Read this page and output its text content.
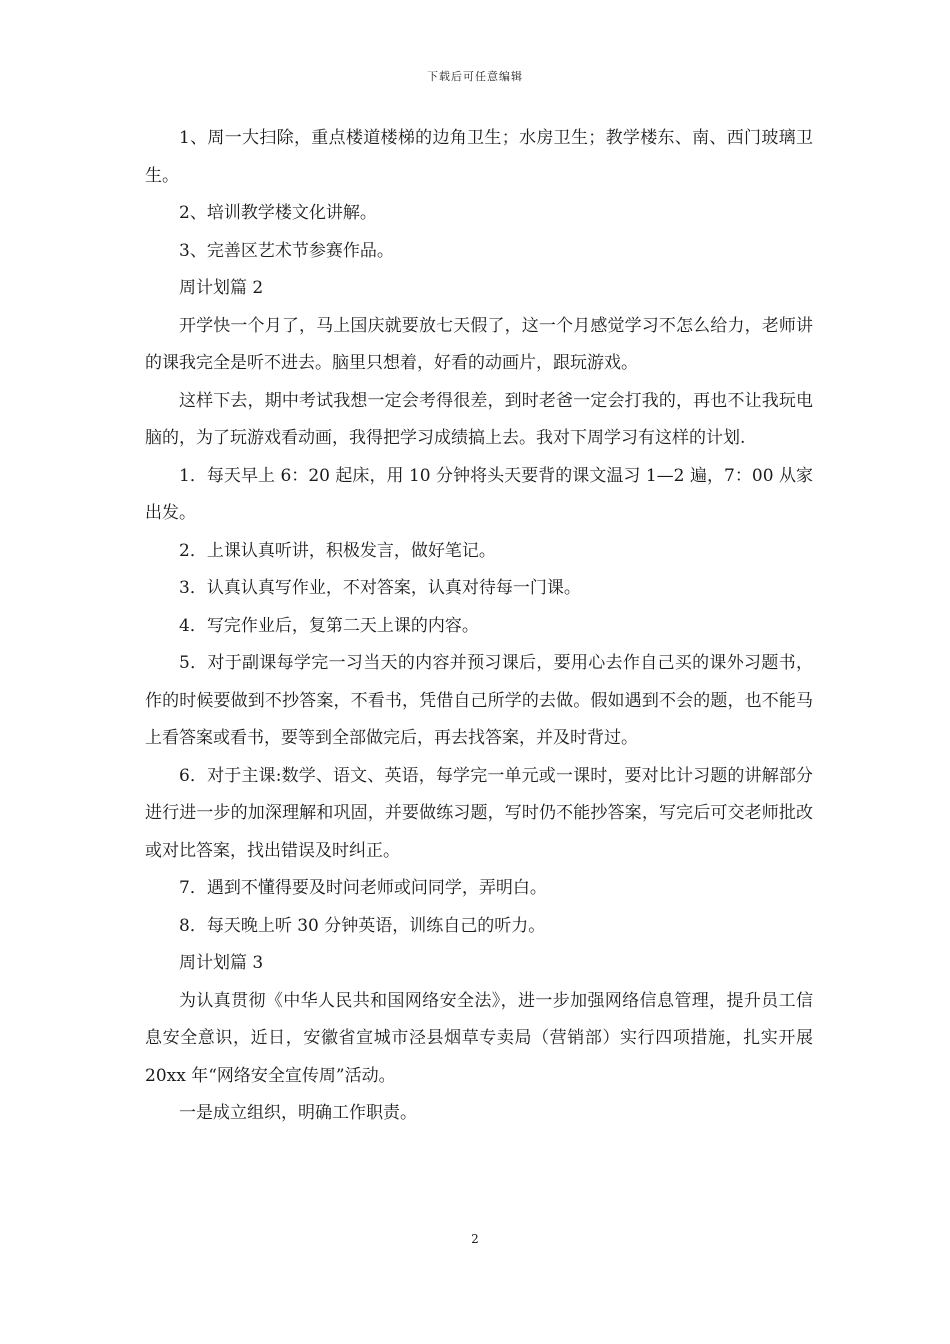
下载后可任意编辑

1、周一大扫除，重点楼道楼梯的边角卫生；水房卫生；教学楼东、南、西门玻璃卫生。

2、培训教学楼文化讲解。

3、完善区艺术节参赛作品。

周计划篇 2

开学快一个月了，马上国庆就要放七天假了，这一个月感觉学习不怎么给力，老师讲的课我完全是听不进去。脑里只想着，好看的动画片，跟玩游戏。

这样下去，期中考试我想一定会考得很差，到时老爸一定会打我的，再也不让我玩电脑的，为了玩游戏看动画，我得把学习成绩搞上去。我对下周学习有这样的计划.

1．每天早上 6：20 起床，用 10 分钟将头天要背的课文温习 1—2 遍，7：00 从家出发。

2．上课认真听讲，积极发言，做好笔记。

3．认真认真写作业，不对答案，认真对待每一门课。

4．写完作业后，复第二天上课的内容。

5．对于副课每学完一习当天的内容并预习课后，要用心去作自己买的课外习题书，作的时候要做到不抄答案，不看书，凭借自己所学的去做。假如遇到不会的题，也不能马上看答案或看书，要等到全部做完后，再去找答案，并及时背过。

6．对于主课:数学、语文、英语，每学完一单元或一课时，要对比计习题的讲解部分进行进一步的加深理解和巩固，并要做练习题，写时仍不能抄答案，写完后可交老师批改或对比答案，找出错误及时纠正。

7．遇到不懂得要及时问老师或问同学，弄明白。

8．每天晚上听 30 分钟英语，训练自己的听力。

周计划篇 3

为认真贯彻《中华人民共和国网络安全法》，进一步加强网络信息管理，提升员工信息安全意识，近日，安徽省宣城市泾县烟草专卖局（营销部）实行四项措施，扎实开展 20xx 年“网络安全宣传周”活动。

一是成立组织，明确工作职责。

2
